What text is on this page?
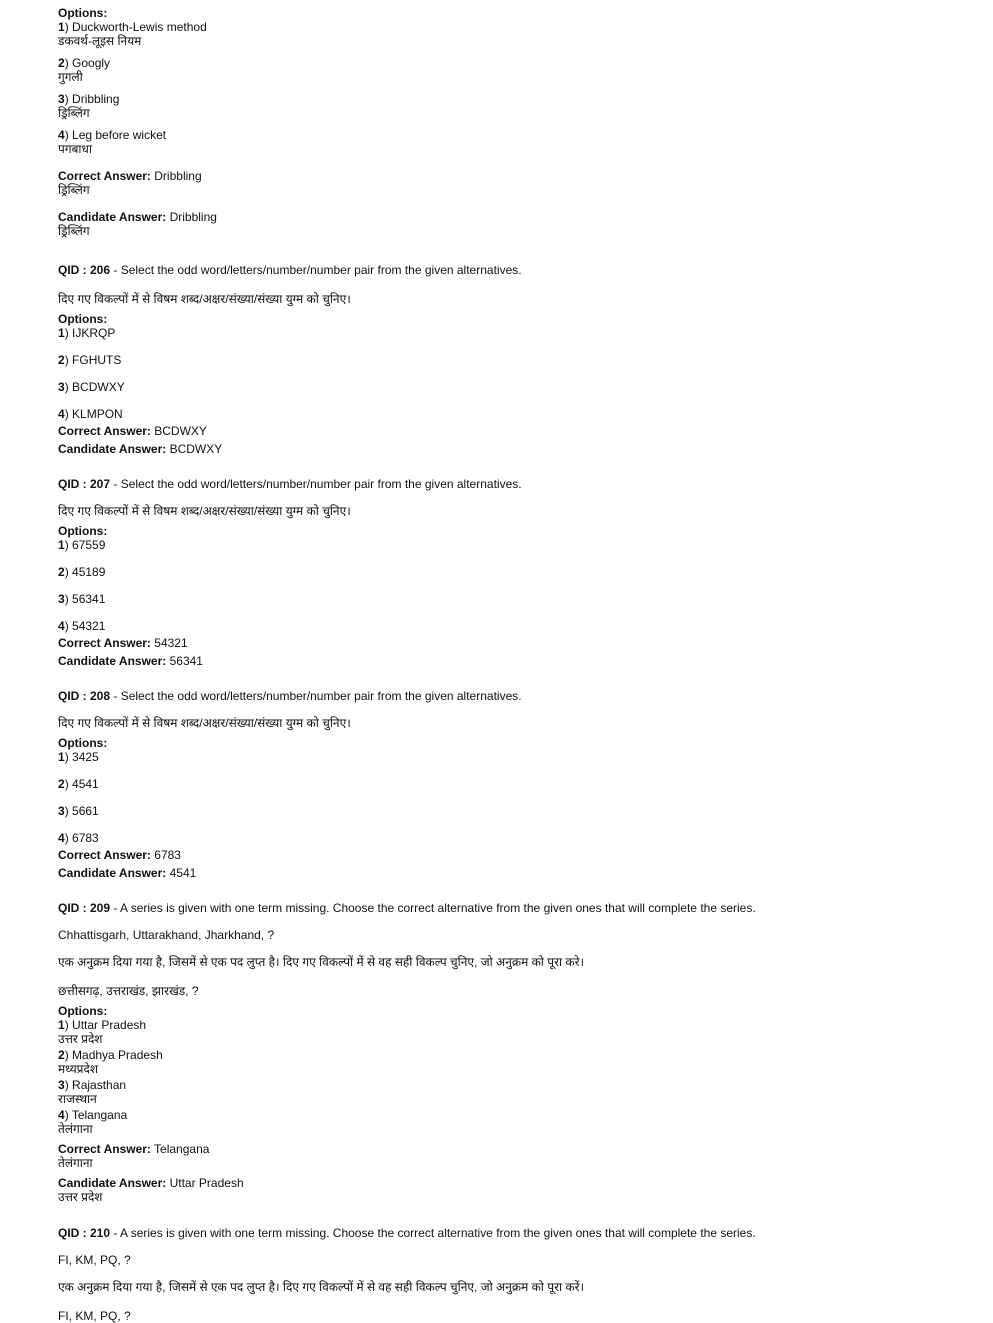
Options:
1) Duckworth-Lewis method
डकवर्थ-लूइस नियम
2) Googly
गुगली
3) Dribbling
ड्रिब्लिंग
4) Leg before wicket
पगबाधा
Correct Answer: Dribbling
ड्रिब्लिंग
Candidate Answer: Dribbling
ड्रिब्लिंग
QID : 206 - Select the odd word/letters/number/number pair from the given alternatives.
दिए गए विकल्पों में से विषम शब्द/अक्षर/संख्या/संख्या युग्म को चुनिए।
Options:
1) IJKRQP
2) FGHUTS
3) BCDWXY
4) KLMPON
Correct Answer: BCDWXY
Candidate Answer: BCDWXY
QID : 207 - Select the odd word/letters/number/number pair from the given alternatives.
दिए गए विकल्पों में से विषम शब्द/अक्षर/संख्या/संख्या युग्म को चुनिए।
Options:
1) 67559
2) 45189
3) 56341
4) 54321
Correct Answer: 54321
Candidate Answer: 56341
QID : 208 - Select the odd word/letters/number/number pair from the given alternatives.
दिए गए विकल्पों में से विषम शब्द/अक्षर/संख्या/संख्या युग्म को चुनिए।
Options:
1) 3425
2) 4541
3) 5661
4) 6783
Correct Answer: 6783
Candidate Answer: 4541
QID : 209 - A series is given with one term missing. Choose the correct alternative from the given ones that will complete the series.
Chhattisgarh, Uttarakhand, Jharkhand, ?
एक अनुक्रम दिया गया है, जिसमें से एक पद लुप्त है। दिए गए विकल्पों में से वह सही विकल्प चुनिए, जो अनुक्रम को पूरा करे।
छत्तीसगढ़, उत्तराखंड, झारखंड, ?
Options:
1) Uttar Pradesh
उत्तर प्रदेश
2) Madhya Pradesh
मध्यप्रदेश
3) Rajasthan
राजस्थान
4) Telangana
तेलंगाना
Correct Answer: Telangana
तेलंगाना
Candidate Answer: Uttar Pradesh
उत्तर प्रदेश
QID : 210 - A series is given with one term missing. Choose the correct alternative from the given ones that will complete the series.
FI, KM, PQ, ?
एक अनुक्रम दिया गया है, जिसमें से एक पद लुप्त है। दिए गए विकल्पों में से वह सही विकल्प चुनिए, जो अनुक्रम को पूरा करें।
FI, KM, PQ, ?
